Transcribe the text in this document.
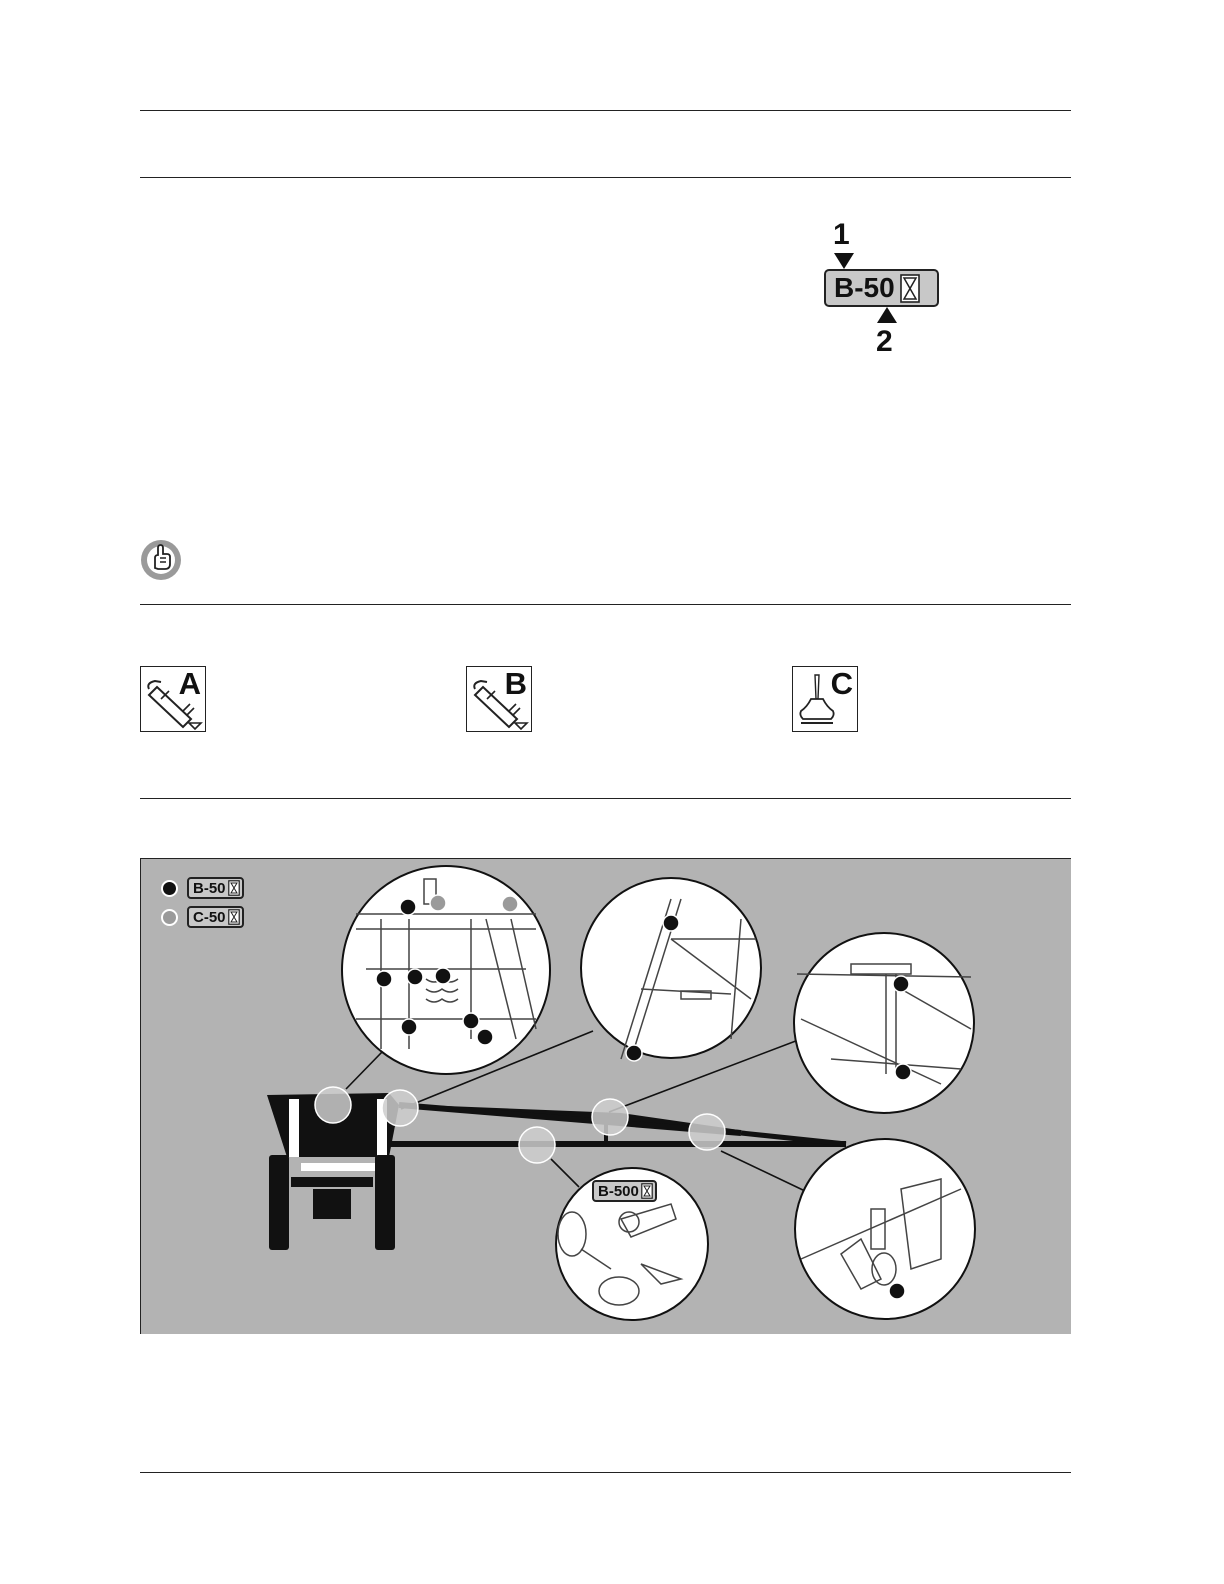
1
B-50
2
A	B	C
B-50
C-50
B-500
